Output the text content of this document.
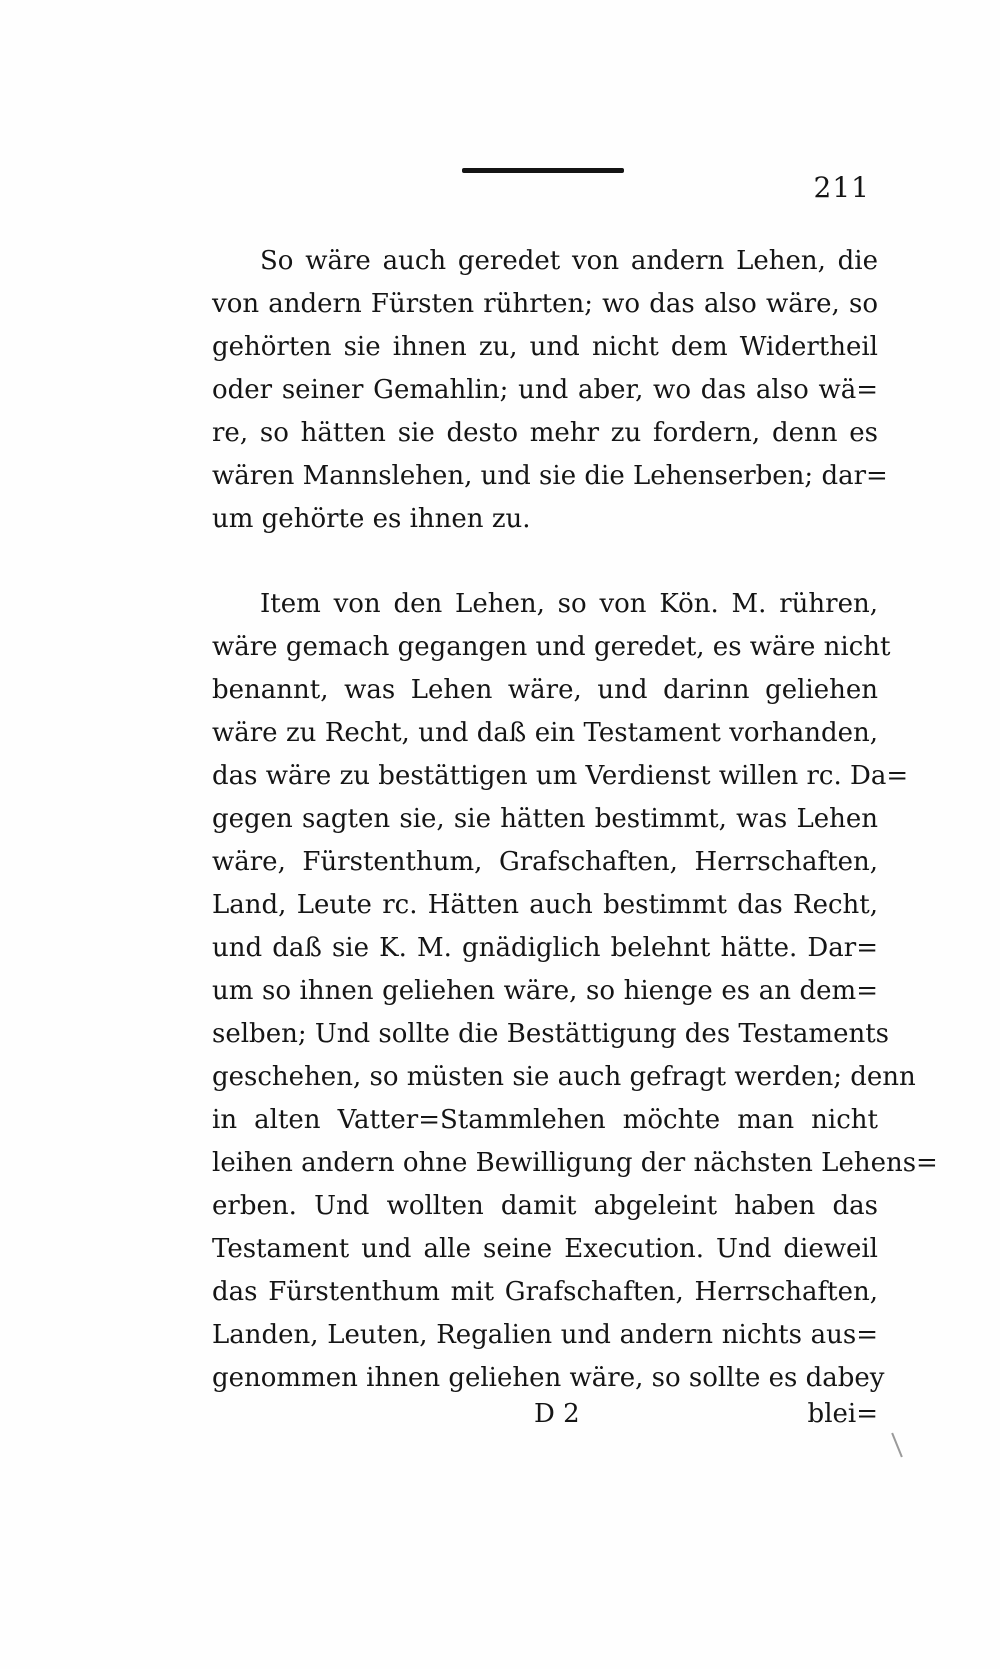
211

So wäre auch geredet von andern Lehen, die
von andern Fürsten rührten; wo das also wäre, so
gehörten sie ihnen zu, und nicht dem Widertheil
oder seiner Gemahlin; und aber, wo das also wä=
re, so hätten sie desto mehr zu fordern, denn es
wären Mannslehen, und sie die Lehenserben; dar=
um gehörte es ihnen zu.

Item von den Lehen, so von Kön. M. rühren,
wäre gemach gegangen und geredet, es wäre nicht
benannt, was Lehen wäre, und darinn geliehen
wäre zu Recht, und daß ein Testament vorhanden,
das wäre zu bestättigen um Verdienst willen rc. Da=
gegen sagten sie, sie hätten bestimmt, was Lehen
wäre, Fürstenthum, Grafschaften, Herrschaften,
Land, Leute rc. Hätten auch bestimmt das Recht,
und daß sie K. M. gnädiglich belehnt hätte. Dar=
um so ihnen geliehen wäre, so hienge es an dem=
selben; Und sollte die Bestättigung des Testaments
geschehen, so müsten sie auch gefragt werden; denn
in alten Vatter=Stammlehen möchte man nicht
leihen andern ohne Bewilligung der nächsten Lehens=
erben. Und wollten damit abgeleint haben das
Testament und alle seine Execution. Und dieweil
das Fürstenthum mit Grafschaften, Herrschaften,
Landen, Leuten, Regalien und andern nichts aus=
genommen ihnen geliehen wäre, so sollte es dabey

D 2	blei=
